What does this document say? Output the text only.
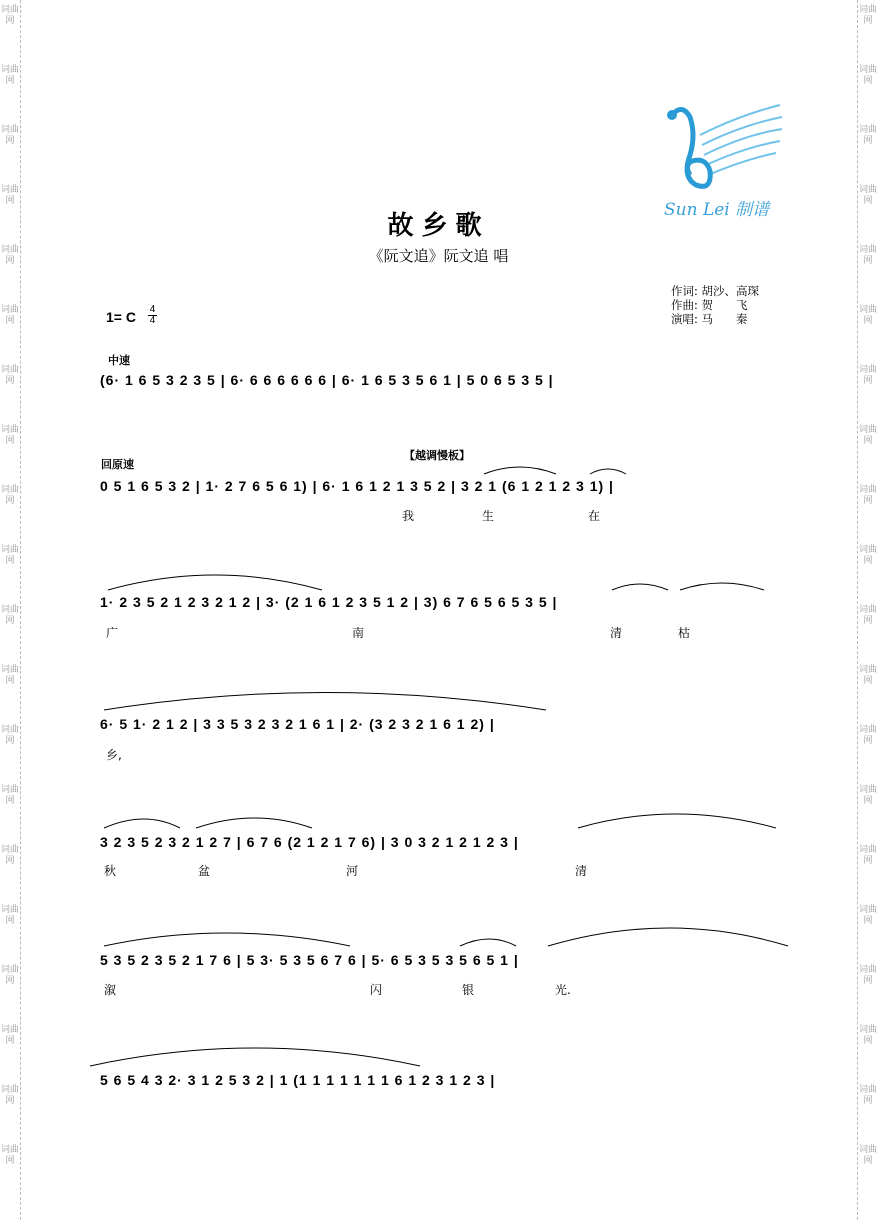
词曲网
词曲网
词曲网
词曲网
词曲网
词曲网
词曲网
词曲网
词曲网
词曲网
词曲网
词曲网
词曲网
词曲网
词曲网
词曲网
词曲网
词曲网
词曲网
词曲网
词曲网
词曲网
词曲网
词曲网
词曲网
词曲网
词曲网
词曲网
词曲网
词曲网
词曲网
词曲网
词曲网
词曲网
词曲网
词曲网
词曲网
词曲网
词曲网
词曲网
Sun Lei 制谱
故乡歌
《阮文追》阮文追 唱
作词: 胡沙、高琛
作曲: 贺　　飞
演唱: 马　　秦
1= C 4
4
中速
回原速
【越调慢板】
(6· 1 6 5 3 2 3 5 | 6· 6 6 6 6 6 6 | 6· 1 6 5 3 5 6 1 | 5 0 6 5 3 5 |
0 5 1 6 5 3 2 | 1· 2 7 6 5 6 1) | 6· 1 6 1 2 1 3 5 2 | 3 2 1 (6 1 2 1 2 3 1) |
我	生	在
1· 2 3 5 2 1 2 3 2 1 2 | 3· (2 1 6 1 2 3 5 1 2 | 3) 6 7 6 5 6 5 3 5 |
广	南	清	枯
6· 5 1· 2 1 2 | 3 3 5 3 2 3 2 1 6 1 | 2· (3 2 3 2 1 6 1 2) |
乡,
3 2 3 5 2 3 2 1 2 7 | 6 7 6 (2 1 2 1 7 6) | 3 0 3 2 1 2 1 2 3 |
秋	盆	河	清
5 3 5 2 3 5 2 1 7 6 | 5 3· 5 3 5 6 7 6 | 5· 6 5 3 5 3 5 6 5 1 |
溆	闪	银	光.
5 6 5 4 3 2· 3 1 2 5 3 2 | 1 (1 1 1 1 1 1 1 6 1 2 3 1 2 3 |
